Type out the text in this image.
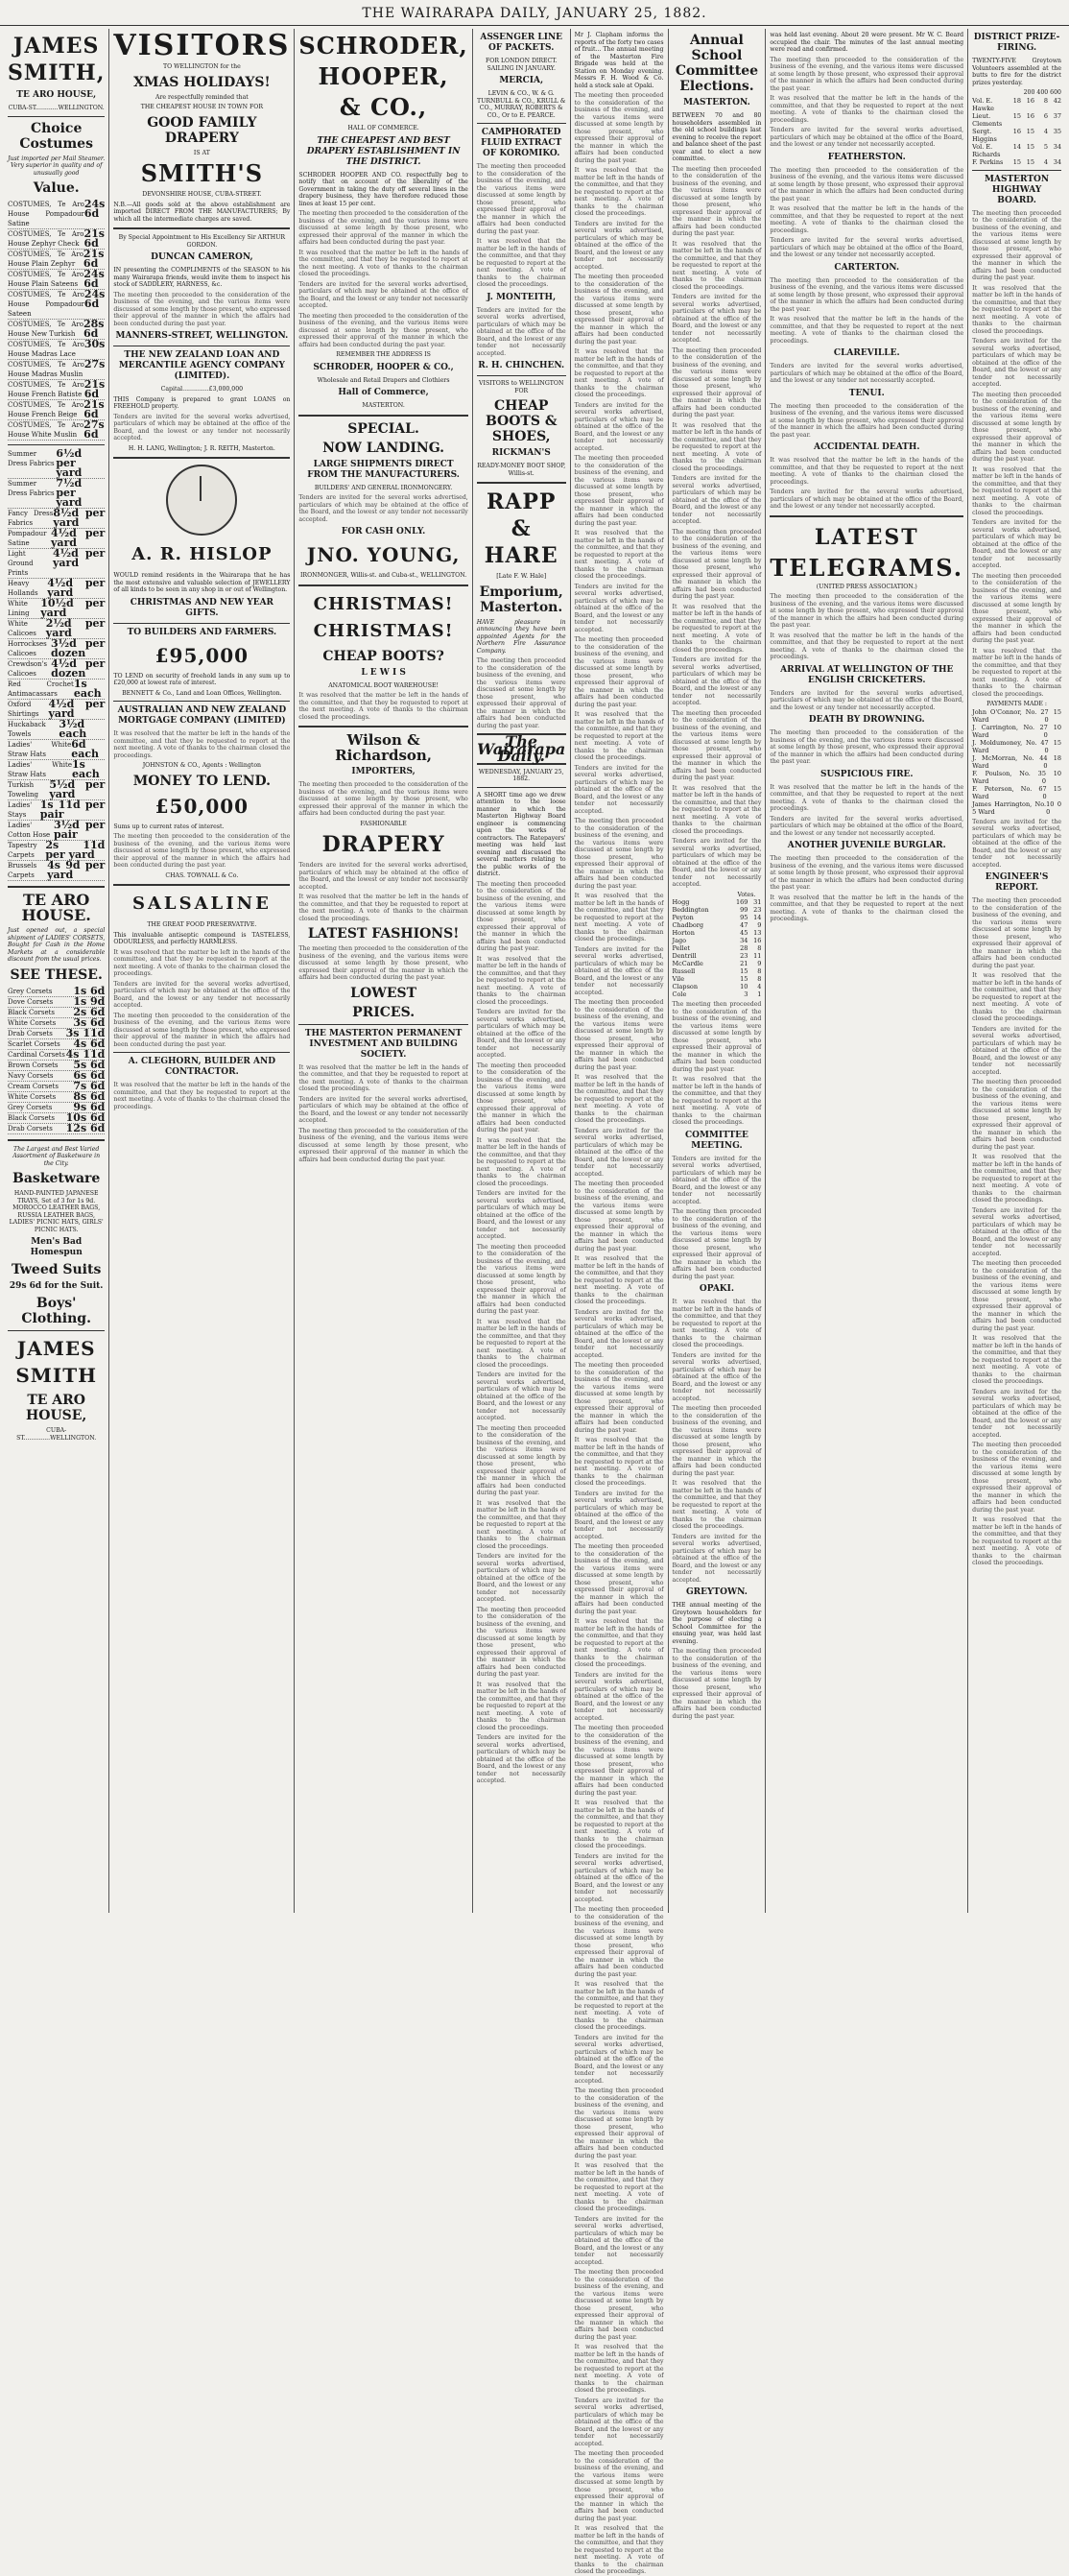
THE WAIRARAPA DAILY, JANUARY 25, 1882.
JAMES SMITH,
TE ARO HOUSE,
CUBA-ST............WELLINGTON.
Choice Costumes
Just imported per Mail Steamer. Very superior in quality and of unusually good
Value.
COSTUMES, Te Aro House Pompadour Satine
24s 6d
COSTUMES, Te Aro House Zephyr Check
21s 6d
COSTUMES, Te Aro House Plain Zephyr
21s 6d
COSTUMES, Te Aro House Plain Sateens
24s 6d
COSTUMES, Te Aro House Pompadour Sateen
24s 6d
COSTUMES, Te Aro House New Turkish
28s 6d
COSTUMES, Te Aro House Madras Lace
30s
COSTUMES, Te Aro House Madras Muslin
27s
COSTUMES, Te Aro House French Batiste
21s 6d
COSTUMES, Te Aro House French Beige
21s 6d
COSTUMES, Te Aro House White Muslin
27s 6d
Summer Dress Fabrics
6½d per yard
Summer Dress Fabrics
7½d per yard
Fancy Dress Fabrics
8½d per yard
Pompadour Satine
4½d per yard
Light Ground Prints
4½d per yard
Heavy Hollands
4½d per yard
White Lining
10½d per yard
White Calicoes
2½d per yard
Horrockses Calicoes
3½d per dozen
Crewdson's Calicoes
4½d per dozen
Red Crochet Antimacassars
1s each
Oxford Shirtings
4½d per yard
Huckaback Towels
3½d each
Ladies' White Straw Hats
6d each
Ladies' White Straw Hats
1s each
Turkish Toweling
5½d per yard
Ladies' Stays
1s 11d per pair
Ladies' Cotton Hose
3½d per pair
Tapestry Carpets
2s 11d per yard
Brussels Carpets
4s 9d per yard
TE ARO HOUSE.
Just opened out, a special shipment of LADIES' CORSETS, Bought for Cash in the Home Markets at a considerable discount from the usual prices.
SEE THESE.
Grey Corsets 1s 6d
Dove Corsets 1s 9d
Black Corsets 2s 6d
White Corsets 3s 6d
Drab Corsets 3s 11d
Scarlet Corsets 4s 6d
Cardinal Corsets 4s 11d
Brown Corsets 5s 6d
Navy Corsets 6s 6d
Cream Corsets 7s 6d
White Corsets 8s 6d
Grey Corsets 9s 6d
Black Corsets 10s 6d
Drab Corsets 12s 6d
The Largest and Best Varied Assortment of Basketware in the City.
Basketware
HAND-PAINTED JAPANESE TRAYS, Set of 3 for 1s 9d. MOROCCO LEATHER BAGS, RUSSIA LEATHER BAGS, LADIES' PICNIC HATS, GIRLS' PICNIC HATS.
Men's Bad Homespun
Tweed Suits
29s 6d for the Suit.
Boys' Clothing.
JAMES SMITH
TE ARO HOUSE,
CUBA-ST..............WELLINGTON.
VISITORS
TO WELLINGTON for the
XMAS HOLIDAYS!
Are respectfully reminded that
THE CHEAPEST HOUSE IN TOWN FOR
GOOD FAMILY DRAPERY
IS AT
SMITH'S
DEVONSHIRE HOUSE, CUBA-STREET.
N.B.—All goods sold at the above establishment are imported DIRECT FROM THE MANUFACTURERS; By which all the intermediate charges are saved.
By Special Appointment to His Excellency Sir ARTHUR GORDON.
DUNCAN CAMERON,
IN presenting the COMPLIMENTS of the SEASON to his many Wairarapa friends, would invite them to inspect his stock of SADDLERY, HARNESS, &c.
The meeting then proceeded to the consideration of the business of the evening, and the various items were discussed at some length by those present, who expressed their approval of the manner in which the affairs had been conducted during the past year.
MANNERS-STREET, WELLINGTON.
THE NEW ZEALAND LOAN AND MERCANTILE AGENCY COMPANY (LIMITED).
Capital..............£3,000,000
THIS Company is prepared to grant LOANS on FREEHOLD property.
Tenders are invited for the several works advertised, particulars of which may be obtained at the office of the Board, and the lowest or any tender not necessarily accepted.
H. H. LANG, Wellington; J. R. REITH, Masterton.
A. R. HISLOP
WOULD remind residents in the Wairarapa that he has the most extensive and valuable selection of JEWELLERY of all kinds to be seen in any shop in or out of Wellington.
CHRISTMAS AND NEW YEAR GIFTS.
TO BUILDERS AND FARMERS.
£95,000
TO LEND on security of freehold lands in any sum up to £20,000 at lowest rate of interest.
BENNETT & Co., Land and Loan Offices, Wellington.
AUSTRALIAN AND NEW ZEALAND MORTGAGE COMPANY (LIMITED)
It was resolved that the matter be left in the hands of the committee, and that they be requested to report at the next meeting. A vote of thanks to the chairman closed the proceedings.
JOHNSTON & CO., Agents : Wellington
MONEY TO LEND.
£50,000
Sums up to current rates of interest.
The meeting then proceeded to the consideration of the business of the evening, and the various items were discussed at some length by those present, who expressed their approval of the manner in which the affairs had been conducted during the past year.
CHAS. TOWNALL & Co.
SALSALINE
THE GREAT FOOD PRESERVATIVE.
This invaluable antiseptic compound is TASTELESS, ODOURLESS, and perfectly HARMLESS.
It was resolved that the matter be left in the hands of the committee, and that they be requested to report at the next meeting. A vote of thanks to the chairman closed the proceedings.
Tenders are invited for the several works advertised, particulars of which may be obtained at the office of the Board, and the lowest or any tender not necessarily accepted.
The meeting then proceeded to the consideration of the business of the evening, and the various items were discussed at some length by those present, who expressed their approval of the manner in which the affairs had been conducted during the past year.
A. CLEGHORN, BUILDER AND CONTRACTOR.
It was resolved that the matter be left in the hands of the committee, and that they be requested to report at the next meeting. A vote of thanks to the chairman closed the proceedings.
SCHRODER,
HOOPER,
& CO.,
HALL OF COMMERCE.
THE CHEAPEST AND BEST DRAPERY ESTABLISHMENT IN THE DISTRICT.
SCHRODER HOOPER AND CO. respectfully beg to notify that on account of the liberality of the Government in taking the duty off several lines in the drapery business, they have therefore reduced those lines at least 15 per cent.
The meeting then proceeded to the consideration of the business of the evening, and the various items were discussed at some length by those present, who expressed their approval of the manner in which the affairs had been conducted during the past year.
It was resolved that the matter be left in the hands of the committee, and that they be requested to report at the next meeting. A vote of thanks to the chairman closed the proceedings.
Tenders are invited for the several works advertised, particulars of which may be obtained at the office of the Board, and the lowest or any tender not necessarily accepted.
The meeting then proceeded to the consideration of the business of the evening, and the various items were discussed at some length by those present, who expressed their approval of the manner in which the affairs had been conducted during the past year.
REMEMBER THE ADDRESS IS
SCHRODER, HOOPER & CO.,
Wholesale and Retail Drapers and Clothiers
Hall of Commerce,
MASTERTON.
SPECIAL.
NOW LANDING.
LARGE SHIPMENTS DIRECT FROM THE MANUFACTURERS.
BUILDERS' AND GENERAL IRONMONGERY.
Tenders are invited for the several works advertised, particulars of which may be obtained at the office of the Board, and the lowest or any tender not necessarily accepted.
FOR CASH ONLY.
JNO. YOUNG,
IRONMONGER, Willis-st. and Cuba-st., WELLINGTON.
CHRISTMAS! CHRISTMAS!
CHEAP BOOTS?
L E W I S
ANATOMICAL BOOT WAREHOUSE!
It was resolved that the matter be left in the hands of the committee, and that they be requested to report at the next meeting. A vote of thanks to the chairman closed the proceedings.
Wilson & Richardson,
IMPORTERS,
The meeting then proceeded to the consideration of the business of the evening, and the various items were discussed at some length by those present, who expressed their approval of the manner in which the affairs had been conducted during the past year.
FASHIONABLE
DRAPERY
Tenders are invited for the several works advertised, particulars of which may be obtained at the office of the Board, and the lowest or any tender not necessarily accepted.
It was resolved that the matter be left in the hands of the committee, and that they be requested to report at the next meeting. A vote of thanks to the chairman closed the proceedings.
LATEST FASHIONS!
The meeting then proceeded to the consideration of the business of the evening, and the various items were discussed at some length by those present, who expressed their approval of the manner in which the affairs had been conducted during the past year.
LOWEST
PRICES.
THE MASTERTON PERMANENT INVESTMENT AND BUILDING SOCIETY.
It was resolved that the matter be left in the hands of the committee, and that they be requested to report at the next meeting. A vote of thanks to the chairman closed the proceedings.
Tenders are invited for the several works advertised, particulars of which may be obtained at the office of the Board, and the lowest or any tender not necessarily accepted.
The meeting then proceeded to the consideration of the business of the evening, and the various items were discussed at some length by those present, who expressed their approval of the manner in which the affairs had been conducted during the past year.
ASSENGER LINE OF PACKETS.
FOR LONDON DIRECT.
SAILING IN JANUARY.
MERCIA,
LEVIN & CO., W. & G. TURNBULL & CO., KRULL & CO., MURRAY, ROBERTS & CO., Or to E. PEARCE.
CAMPHORATED FLUID EXTRACT OF KOROMIKO.
The meeting then proceeded to the consideration of the business of the evening, and the various items were discussed at some length by those present, who expressed their approval of the manner in which the affairs had been conducted during the past year.
It was resolved that the matter be left in the hands of the committee, and that they be requested to report at the next meeting. A vote of thanks to the chairman closed the proceedings.
J. MONTEITH,
Tenders are invited for the several works advertised, particulars of which may be obtained at the office of the Board, and the lowest or any tender not necessarily accepted.
R. H. CHINCHEN.
VISITORS to WELLINGTON FOR
CHEAP BOOTS & SHOES,
RICKMAN'S
READY-MONEY BOOT SHOP, Willis-st.
RAPP & HARE
[Late F. W. Hale]
Emporium, Masterton.
HAVE pleasure in announcing they have been appointed Agents for the Northern Fire Assurance Company.
The meeting then proceeded to the consideration of the business of the evening, and the various items were discussed at some length by those present, who expressed their approval of the manner in which the affairs had been conducted during the past year.
The Wairarapa Daily.
WEDNESDAY, JANUARY 25, 1882.
A SHORT time ago we drew attention to the loose manner in which the Masterton Highway Board engineer is commencing upon the works of contractors. The Ratepayers' meeting was held last evening and discussed the several matters relating to the public works of the district.
The meeting then proceeded to the consideration of the business of the evening, and the various items were discussed at some length by those present, who expressed their approval of the manner in which the affairs had been conducted during the past year.
It was resolved that the matter be left in the hands of the committee, and that they be requested to report at the next meeting. A vote of thanks to the chairman closed the proceedings.
Tenders are invited for the several works advertised, particulars of which may be obtained at the office of the Board, and the lowest or any tender not necessarily accepted.
The meeting then proceeded to the consideration of the business of the evening, and the various items were discussed at some length by those present, who expressed their approval of the manner in which the affairs had been conducted during the past year.
It was resolved that the matter be left in the hands of the committee, and that they be requested to report at the next meeting. A vote of thanks to the chairman closed the proceedings.
Tenders are invited for the several works advertised, particulars of which may be obtained at the office of the Board, and the lowest or any tender not necessarily accepted.
The meeting then proceeded to the consideration of the business of the evening, and the various items were discussed at some length by those present, who expressed their approval of the manner in which the affairs had been conducted during the past year.
It was resolved that the matter be left in the hands of the committee, and that they be requested to report at the next meeting. A vote of thanks to the chairman closed the proceedings.
Tenders are invited for the several works advertised, particulars of which may be obtained at the office of the Board, and the lowest or any tender not necessarily accepted.
The meeting then proceeded to the consideration of the business of the evening, and the various items were discussed at some length by those present, who expressed their approval of the manner in which the affairs had been conducted during the past year.
It was resolved that the matter be left in the hands of the committee, and that they be requested to report at the next meeting. A vote of thanks to the chairman closed the proceedings.
Tenders are invited for the several works advertised, particulars of which may be obtained at the office of the Board, and the lowest or any tender not necessarily accepted.
The meeting then proceeded to the consideration of the business of the evening, and the various items were discussed at some length by those present, who expressed their approval of the manner in which the affairs had been conducted during the past year.
It was resolved that the matter be left in the hands of the committee, and that they be requested to report at the next meeting. A vote of thanks to the chairman closed the proceedings.
Tenders are invited for the several works advertised, particulars of which may be obtained at the office of the Board, and the lowest or any tender not necessarily accepted.
Mr J. Clapham informs the reports of the forty two cases of fruit... The annual meeting of the Masterton Fire Brigade was held at the Station on Monday evening. Messrs F. H. Wood & Co. hold a stock sale at Opaki.
The meeting then proceeded to the consideration of the business of the evening, and the various items were discussed at some length by those present, who expressed their approval of the manner in which the affairs had been conducted during the past year.
It was resolved that the matter be left in the hands of the committee, and that they be requested to report at the next meeting. A vote of thanks to the chairman closed the proceedings.
Tenders are invited for the several works advertised, particulars of which may be obtained at the office of the Board, and the lowest or any tender not necessarily accepted.
The meeting then proceeded to the consideration of the business of the evening, and the various items were discussed at some length by those present, who expressed their approval of the manner in which the affairs had been conducted during the past year.
It was resolved that the matter be left in the hands of the committee, and that they be requested to report at the next meeting. A vote of thanks to the chairman closed the proceedings.
Tenders are invited for the several works advertised, particulars of which may be obtained at the office of the Board, and the lowest or any tender not necessarily accepted.
The meeting then proceeded to the consideration of the business of the evening, and the various items were discussed at some length by those present, who expressed their approval of the manner in which the affairs had been conducted during the past year.
It was resolved that the matter be left in the hands of the committee, and that they be requested to report at the next meeting. A vote of thanks to the chairman closed the proceedings.
Tenders are invited for the several works advertised, particulars of which may be obtained at the office of the Board, and the lowest or any tender not necessarily accepted.
The meeting then proceeded to the consideration of the business of the evening, and the various items were discussed at some length by those present, who expressed their approval of the manner in which the affairs had been conducted during the past year.
It was resolved that the matter be left in the hands of the committee, and that they be requested to report at the next meeting. A vote of thanks to the chairman closed the proceedings.
Tenders are invited for the several works advertised, particulars of which may be obtained at the office of the Board, and the lowest or any tender not necessarily accepted.
The meeting then proceeded to the consideration of the business of the evening, and the various items were discussed at some length by those present, who expressed their approval of the manner in which the affairs had been conducted during the past year.
It was resolved that the matter be left in the hands of the committee, and that they be requested to report at the next meeting. A vote of thanks to the chairman closed the proceedings.
Tenders are invited for the several works advertised, particulars of which may be obtained at the office of the Board, and the lowest or any tender not necessarily accepted.
The meeting then proceeded to the consideration of the business of the evening, and the various items were discussed at some length by those present, who expressed their approval of the manner in which the affairs had been conducted during the past year.
It was resolved that the matter be left in the hands of the committee, and that they be requested to report at the next meeting. A vote of thanks to the chairman closed the proceedings.
Tenders are invited for the several works advertised, particulars of which may be obtained at the office of the Board, and the lowest or any tender not necessarily accepted.
The meeting then proceeded to the consideration of the business of the evening, and the various items were discussed at some length by those present, who expressed their approval of the manner in which the affairs had been conducted during the past year.
It was resolved that the matter be left in the hands of the committee, and that they be requested to report at the next meeting. A vote of thanks to the chairman closed the proceedings.
Tenders are invited for the several works advertised, particulars of which may be obtained at the office of the Board, and the lowest or any tender not necessarily accepted.
The meeting then proceeded to the consideration of the business of the evening, and the various items were discussed at some length by those present, who expressed their approval of the manner in which the affairs had been conducted during the past year.
It was resolved that the matter be left in the hands of the committee, and that they be requested to report at the next meeting. A vote of thanks to the chairman closed the proceedings.
Tenders are invited for the several works advertised, particulars of which may be obtained at the office of the Board, and the lowest or any tender not necessarily accepted.
The meeting then proceeded to the consideration of the business of the evening, and the various items were discussed at some length by those present, who expressed their approval of the manner in which the affairs had been conducted during the past year.
It was resolved that the matter be left in the hands of the committee, and that they be requested to report at the next meeting. A vote of thanks to the chairman closed the proceedings.
Tenders are invited for the several works advertised, particulars of which may be obtained at the office of the Board, and the lowest or any tender not necessarily accepted.
The meeting then proceeded to the consideration of the business of the evening, and the various items were discussed at some length by those present, who expressed their approval of the manner in which the affairs had been conducted during the past year.
It was resolved that the matter be left in the hands of the committee, and that they be requested to report at the next meeting. A vote of thanks to the chairman closed the proceedings.
Tenders are invited for the several works advertised, particulars of which may be obtained at the office of the Board, and the lowest or any tender not necessarily accepted.
The meeting then proceeded to the consideration of the business of the evening, and the various items were discussed at some length by those present, who expressed their approval of the manner in which the affairs had been conducted during the past year.
It was resolved that the matter be left in the hands of the committee, and that they be requested to report at the next meeting. A vote of thanks to the chairman closed the proceedings.
Tenders are invited for the several works advertised, particulars of which may be obtained at the office of the Board, and the lowest or any tender not necessarily accepted.
The meeting then proceeded to the consideration of the business of the evening, and the various items were discussed at some length by those present, who expressed their approval of the manner in which the affairs had been conducted during the past year.
It was resolved that the matter be left in the hands of the committee, and that they be requested to report at the next meeting. A vote of thanks to the chairman closed the proceedings.
Tenders are invited for the several works advertised, particulars of which may be obtained at the office of the Board, and the lowest or any tender not necessarily accepted.
The meeting then proceeded to the consideration of the business of the evening, and the various items were discussed at some length by those present, who expressed their approval of the manner in which the affairs had been conducted during the past year.
It was resolved that the matter be left in the hands of the committee, and that they be requested to report at the next meeting. A vote of thanks to the chairman closed the proceedings.
Tenders are invited for the several works advertised, particulars of which may be obtained at the office of the Board, and the lowest or any tender not necessarily accepted.
The meeting then proceeded to the consideration of the business of the evening, and the various items were discussed at some length by those present, who expressed their approval of the manner in which the affairs had been conducted during the past year.
It was resolved that the matter be left in the hands of the committee, and that they be requested to report at the next meeting. A vote of thanks to the chairman closed the proceedings.
Annual School Committee Elections.
MASTERTON.
BETWEEN 70 and 80 householders assembled in the old school buildings last evening to receive the report and balance sheet of the past year and to elect a new committee.
The meeting then proceeded to the consideration of the business of the evening, and the various items were discussed at some length by those present, who expressed their approval of the manner in which the affairs had been conducted during the past year.
It was resolved that the matter be left in the hands of the committee, and that they be requested to report at the next meeting. A vote of thanks to the chairman closed the proceedings.
Tenders are invited for the several works advertised, particulars of which may be obtained at the office of the Board, and the lowest or any tender not necessarily accepted.
The meeting then proceeded to the consideration of the business of the evening, and the various items were discussed at some length by those present, who expressed their approval of the manner in which the affairs had been conducted during the past year.
It was resolved that the matter be left in the hands of the committee, and that they be requested to report at the next meeting. A vote of thanks to the chairman closed the proceedings.
Tenders are invited for the several works advertised, particulars of which may be obtained at the office of the Board, and the lowest or any tender not necessarily accepted.
The meeting then proceeded to the consideration of the business of the evening, and the various items were discussed at some length by those present, who expressed their approval of the manner in which the affairs had been conducted during the past year.
It was resolved that the matter be left in the hands of the committee, and that they be requested to report at the next meeting. A vote of thanks to the chairman closed the proceedings.
Tenders are invited for the several works advertised, particulars of which may be obtained at the office of the Board, and the lowest or any tender not necessarily accepted.
The meeting then proceeded to the consideration of the business of the evening, and the various items were discussed at some length by those present, who expressed their approval of the manner in which the affairs had been conducted during the past year.
It was resolved that the matter be left in the hands of the committee, and that they be requested to report at the next meeting. A vote of thanks to the chairman closed the proceedings.
Tenders are invited for the several works advertised, particulars of which may be obtained at the office of the Board, and the lowest or any tender not necessarily accepted.
Votes.
Hogg	169 31
Beddington	99 23
Peyton	95 14
Chadborg	47	9
Horton	45 13
Jago	34 16
Pellet	28	8
Dentrill	23 11
McCardle	21	9
Russell	15	8
Vile	15	8
Clapson	10	4
Cole	3	1
The meeting then proceeded to the consideration of the business of the evening, and the various items were discussed at some length by those present, who expressed their approval of the manner in which the affairs had been conducted during the past year.
It was resolved that the matter be left in the hands of the committee, and that they be requested to report at the next meeting. A vote of thanks to the chairman closed the proceedings.
COMMITTEE MEETING.
Tenders are invited for the several works advertised, particulars of which may be obtained at the office of the Board, and the lowest or any tender not necessarily accepted.
The meeting then proceeded to the consideration of the business of the evening, and the various items were discussed at some length by those present, who expressed their approval of the manner in which the affairs had been conducted during the past year.
OPAKI.
It was resolved that the matter be left in the hands of the committee, and that they be requested to report at the next meeting. A vote of thanks to the chairman closed the proceedings.
Tenders are invited for the several works advertised, particulars of which may be obtained at the office of the Board, and the lowest or any tender not necessarily accepted.
The meeting then proceeded to the consideration of the business of the evening, and the various items were discussed at some length by those present, who expressed their approval of the manner in which the affairs had been conducted during the past year.
It was resolved that the matter be left in the hands of the committee, and that they be requested to report at the next meeting. A vote of thanks to the chairman closed the proceedings.
Tenders are invited for the several works advertised, particulars of which may be obtained at the office of the Board, and the lowest or any tender not necessarily accepted.
GREYTOWN.
THE annual meeting of the Greytown householders for the purpose of electing a School Committee for the ensuing year, was held last evening.
The meeting then proceeded to the consideration of the business of the evening, and the various items were discussed at some length by those present, who expressed their approval of the manner in which the affairs had been conducted during the past year.
was held last evening. About 20 were present. Mr W. C. Beard occupied the chair. The minutes of the last annual meeting were read and confirmed.
The meeting then proceeded to the consideration of the business of the evening, and the various items were discussed at some length by those present, who expressed their approval of the manner in which the affairs had been conducted during the past year.
It was resolved that the matter be left in the hands of the committee, and that they be requested to report at the next meeting. A vote of thanks to the chairman closed the proceedings.
Tenders are invited for the several works advertised, particulars of which may be obtained at the office of the Board, and the lowest or any tender not necessarily accepted.
FEATHERSTON.
The meeting then proceeded to the consideration of the business of the evening, and the various items were discussed at some length by those present, who expressed their approval of the manner in which the affairs had been conducted during the past year.
It was resolved that the matter be left in the hands of the committee, and that they be requested to report at the next meeting. A vote of thanks to the chairman closed the proceedings.
Tenders are invited for the several works advertised, particulars of which may be obtained at the office of the Board, and the lowest or any tender not necessarily accepted.
CARTERTON.
The meeting then proceeded to the consideration of the business of the evening, and the various items were discussed at some length by those present, who expressed their approval of the manner in which the affairs had been conducted during the past year.
It was resolved that the matter be left in the hands of the committee, and that they be requested to report at the next meeting. A vote of thanks to the chairman closed the proceedings.
CLAREVILLE.
Tenders are invited for the several works advertised, particulars of which may be obtained at the office of the Board, and the lowest or any tender not necessarily accepted.
TENUI.
The meeting then proceeded to the consideration of the business of the evening, and the various items were discussed at some length by those present, who expressed their approval of the manner in which the affairs had been conducted during the past year.
ACCIDENTAL DEATH.
It was resolved that the matter be left in the hands of the committee, and that they be requested to report at the next meeting. A vote of thanks to the chairman closed the proceedings.
Tenders are invited for the several works advertised, particulars of which may be obtained at the office of the Board, and the lowest or any tender not necessarily accepted.
LATEST
TELEGRAMS.
(UNITED PRESS ASSOCIATION.)
The meeting then proceeded to the consideration of the business of the evening, and the various items were discussed at some length by those present, who expressed their approval of the manner in which the affairs had been conducted during the past year.
It was resolved that the matter be left in the hands of the committee, and that they be requested to report at the next meeting. A vote of thanks to the chairman closed the proceedings.
ARRIVAL AT WELLINGTON OF THE ENGLISH CRICKETERS.
Tenders are invited for the several works advertised, particulars of which may be obtained at the office of the Board, and the lowest or any tender not necessarily accepted.
DEATH BY DROWNING.
The meeting then proceeded to the consideration of the business of the evening, and the various items were discussed at some length by those present, who expressed their approval of the manner in which the affairs had been conducted during the past year.
SUSPICIOUS FIRE.
It was resolved that the matter be left in the hands of the committee, and that they be requested to report at the next meeting. A vote of thanks to the chairman closed the proceedings.
Tenders are invited for the several works advertised, particulars of which may be obtained at the office of the Board, and the lowest or any tender not necessarily accepted.
ANOTHER JUVENILE BURGLAR.
The meeting then proceeded to the consideration of the business of the evening, and the various items were discussed at some length by those present, who expressed their approval of the manner in which the affairs had been conducted during the past year.
It was resolved that the matter be left in the hands of the committee, and that they be requested to report at the next meeting. A vote of thanks to the chairman closed the proceedings.
DISTRICT PRIZE-FIRING.
TWENTY-FIVE Greytown Volunteers assembled at the butts to fire for the district prizes yesterday.
200 400 600
Vol. E. Hawke
18 16	8 42
Lieut. Clements
15 16	6 37
Sergt. Higgins
16 15	4 35
Vol. E. Richards
14 15	5 34
F. Perkins	15 15	4 34
MASTERTON HIGHWAY BOARD.
The meeting then proceeded to the consideration of the business of the evening, and the various items were discussed at some length by those present, who expressed their approval of the manner in which the affairs had been conducted during the past year.
It was resolved that the matter be left in the hands of the committee, and that they be requested to report at the next meeting. A vote of thanks to the chairman closed the proceedings.
Tenders are invited for the several works advertised, particulars of which may be obtained at the office of the Board, and the lowest or any tender not necessarily accepted.
The meeting then proceeded to the consideration of the business of the evening, and the various items were discussed at some length by those present, who expressed their approval of the manner in which the affairs had been conducted during the past year.
It was resolved that the matter be left in the hands of the committee, and that they be requested to report at the next meeting. A vote of thanks to the chairman closed the proceedings.
Tenders are invited for the several works advertised, particulars of which may be obtained at the office of the Board, and the lowest or any tender not necessarily accepted.
The meeting then proceeded to the consideration of the business of the evening, and the various items were discussed at some length by those present, who expressed their approval of the manner in which the affairs had been conducted during the past year.
It was resolved that the matter be left in the hands of the committee, and that they be requested to report at the next meeting. A vote of thanks to the chairman closed the proceedings.
PAYMENTS MADE :
John O'Connor, No. 2 Ward
7 15 0
J. Carrington, No. 2 Ward
7 10 0
J. Moldumoney, No. 4 Ward
7 15 0
J. McMorran, No. 4 Ward
4 18 0
F. Poulson, No. 3 Ward
5 10 0
F. Peterson, No. 6 Ward
7 15 0
James Harrington, No. 5 Ward
10 0 0
Tenders are invited for the several works advertised, particulars of which may be obtained at the office of the Board, and the lowest or any tender not necessarily accepted.
ENGINEER'S REPORT.
The meeting then proceeded to the consideration of the business of the evening, and the various items were discussed at some length by those present, who expressed their approval of the manner in which the affairs had been conducted during the past year.
It was resolved that the matter be left in the hands of the committee, and that they be requested to report at the next meeting. A vote of thanks to the chairman closed the proceedings.
Tenders are invited for the several works advertised, particulars of which may be obtained at the office of the Board, and the lowest or any tender not necessarily accepted.
The meeting then proceeded to the consideration of the business of the evening, and the various items were discussed at some length by those present, who expressed their approval of the manner in which the affairs had been conducted during the past year.
It was resolved that the matter be left in the hands of the committee, and that they be requested to report at the next meeting. A vote of thanks to the chairman closed the proceedings.
Tenders are invited for the several works advertised, particulars of which may be obtained at the office of the Board, and the lowest or any tender not necessarily accepted.
The meeting then proceeded to the consideration of the business of the evening, and the various items were discussed at some length by those present, who expressed their approval of the manner in which the affairs had been conducted during the past year.
It was resolved that the matter be left in the hands of the committee, and that they be requested to report at the next meeting. A vote of thanks to the chairman closed the proceedings.
Tenders are invited for the several works advertised, particulars of which may be obtained at the office of the Board, and the lowest or any tender not necessarily accepted.
The meeting then proceeded to the consideration of the business of the evening, and the various items were discussed at some length by those present, who expressed their approval of the manner in which the affairs had been conducted during the past year.
It was resolved that the matter be left in the hands of the committee, and that they be requested to report at the next meeting. A vote of thanks to the chairman closed the proceedings.
